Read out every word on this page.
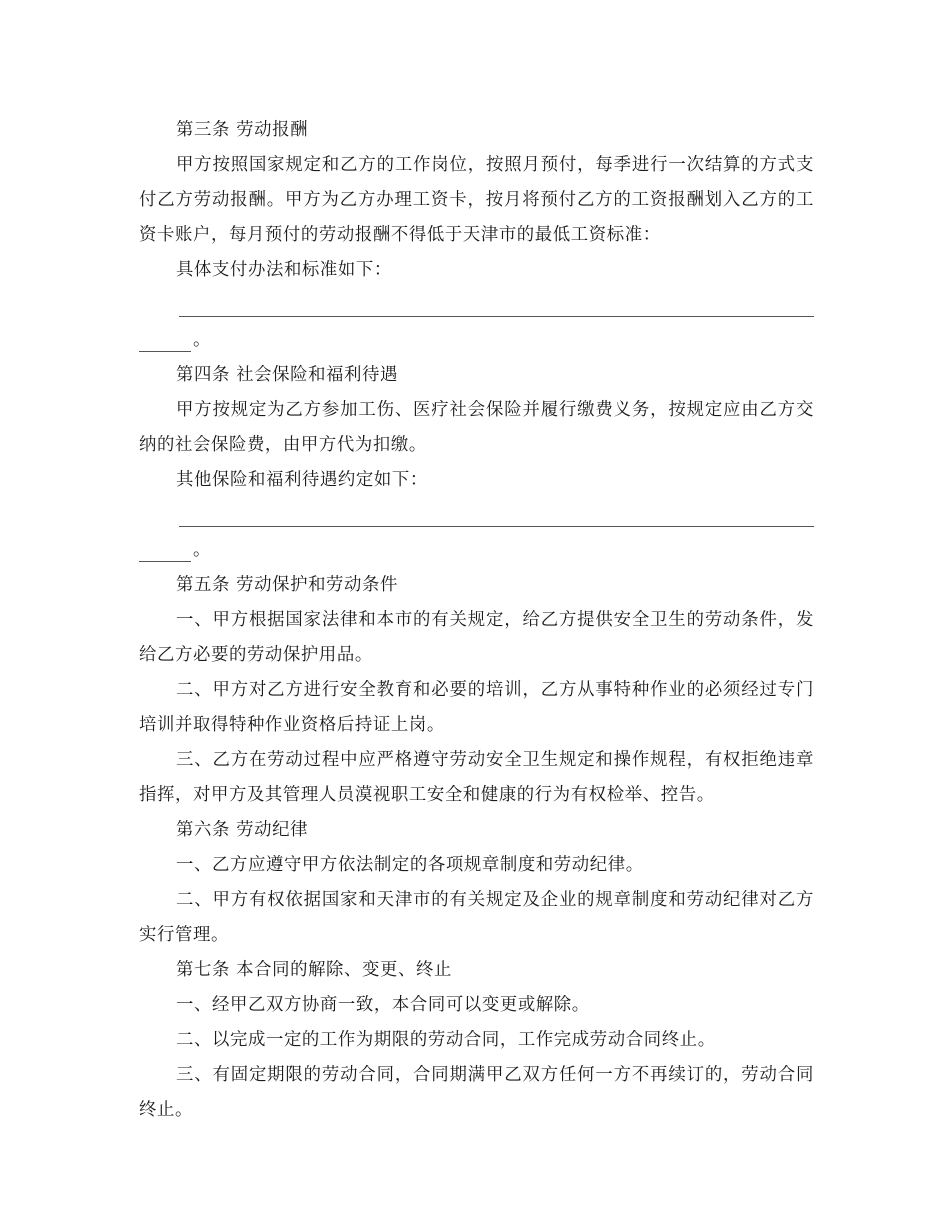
第三条 劳动报酬

甲方按照国家规定和乙方的工作岗位，按照月预付，每季进行一次结算的方式支付乙方劳动报酬。甲方为乙方办理工资卡，按月将预付乙方的工资报酬划入乙方的工资卡账户，每月预付的劳动报酬不得低于天津市的最低工资标准：

具体支付办法和标准如下：

。

第四条 社会保险和福利待遇

甲方按规定为乙方参加工伤、医疗社会保险并履行缴费义务，按规定应由乙方交纳的社会保险费，由甲方代为扣缴。

其他保险和福利待遇约定如下：

。

第五条 劳动保护和劳动条件

一、甲方根据国家法律和本市的有关规定，给乙方提供安全卫生的劳动条件，发给乙方必要的劳动保护用品。

二、甲方对乙方进行安全教育和必要的培训，乙方从事特种作业的必须经过专门培训并取得特种作业资格后持证上岗。

三、乙方在劳动过程中应严格遵守劳动安全卫生规定和操作规程，有权拒绝违章指挥，对甲方及其管理人员漠视职工安全和健康的行为有权检举、控告。

第六条 劳动纪律

一、乙方应遵守甲方依法制定的各项规章制度和劳动纪律。

二、甲方有权依据国家和天津市的有关规定及企业的规章制度和劳动纪律对乙方实行管理。

第七条 本合同的解除、变更、终止

一、经甲乙双方协商一致，本合同可以变更或解除。

二、以完成一定的工作为期限的劳动合同，工作完成劳动合同终止。

三、有固定期限的劳动合同，合同期满甲乙双方任何一方不再续订的，劳动合同终止。
